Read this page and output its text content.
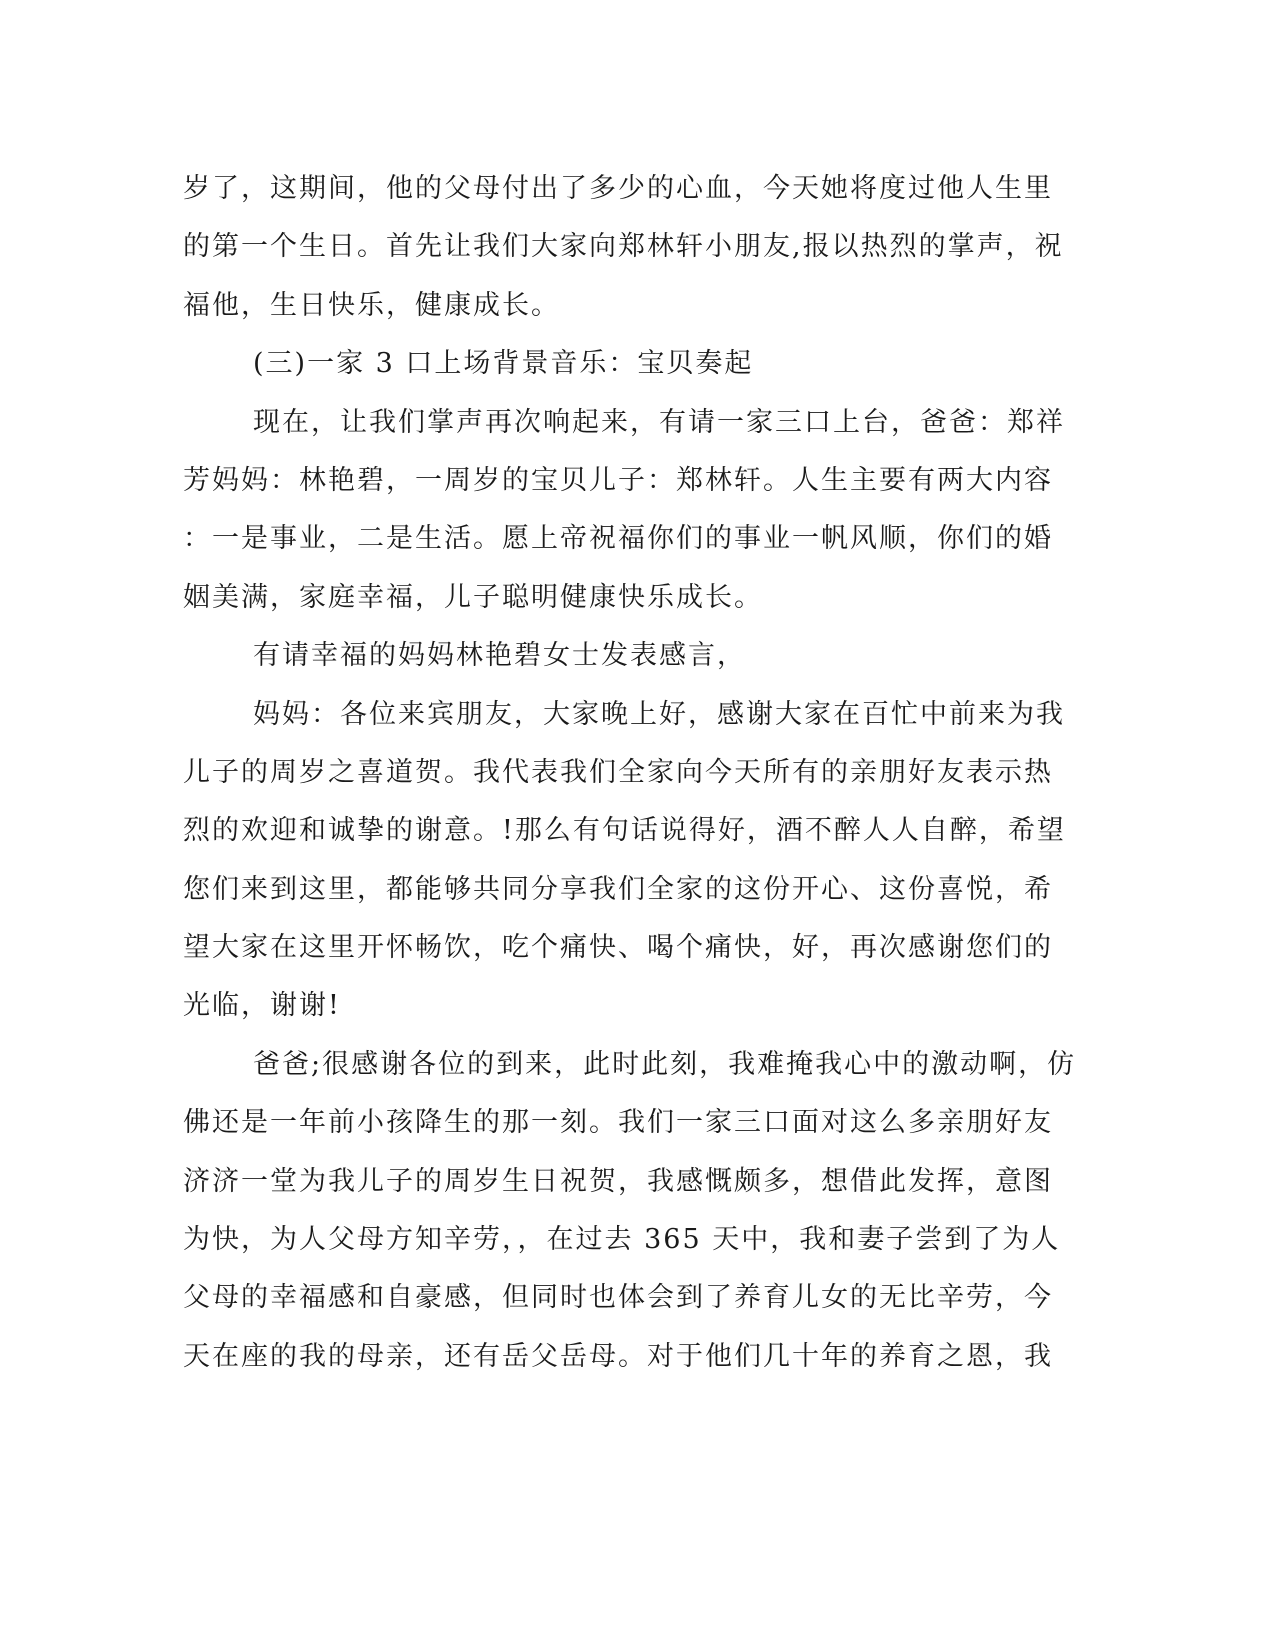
岁了，这期间，他的父母付出了多少的心血，今天她将度过他人生里
的第一个生日。首先让我们大家向郑林轩小朋友,报以热烈的掌声，祝
福他，生日快乐，健康成长。
(三)一家 3 口上场背景音乐：宝贝奏起
现在，让我们掌声再次响起来，有请一家三口上台，爸爸：郑祥
芳妈妈：林艳碧，一周岁的宝贝儿子：郑林轩。人生主要有两大内容
：一是事业，二是生活。愿上帝祝福你们的事业一帆风顺，你们的婚
姻美满，家庭幸福，儿子聪明健康快乐成长。
有请幸福的妈妈林艳碧女士发表感言，
妈妈：各位来宾朋友，大家晚上好，感谢大家在百忙中前来为我
儿子的周岁之喜道贺。我代表我们全家向今天所有的亲朋好友表示热
烈的欢迎和诚挚的谢意。!那么有句话说得好，酒不醉人人自醉，希望
您们来到这里，都能够共同分享我们全家的这份开心、这份喜悦，希
望大家在这里开怀畅饮，吃个痛快、喝个痛快，好，再次感谢您们的
光临，谢谢!
爸爸;很感谢各位的到来，此时此刻，我难掩我心中的激动啊，仿
佛还是一年前小孩降生的那一刻。我们一家三口面对这么多亲朋好友
济济一堂为我儿子的周岁生日祝贺，我感慨颇多，想借此发挥，意图
为快，为人父母方知辛劳，，在过去 365 天中，我和妻子尝到了为人
父母的幸福感和自豪感，但同时也体会到了养育儿女的无比辛劳，今
天在座的我的母亲，还有岳父岳母。对于他们几十年的养育之恩，我
